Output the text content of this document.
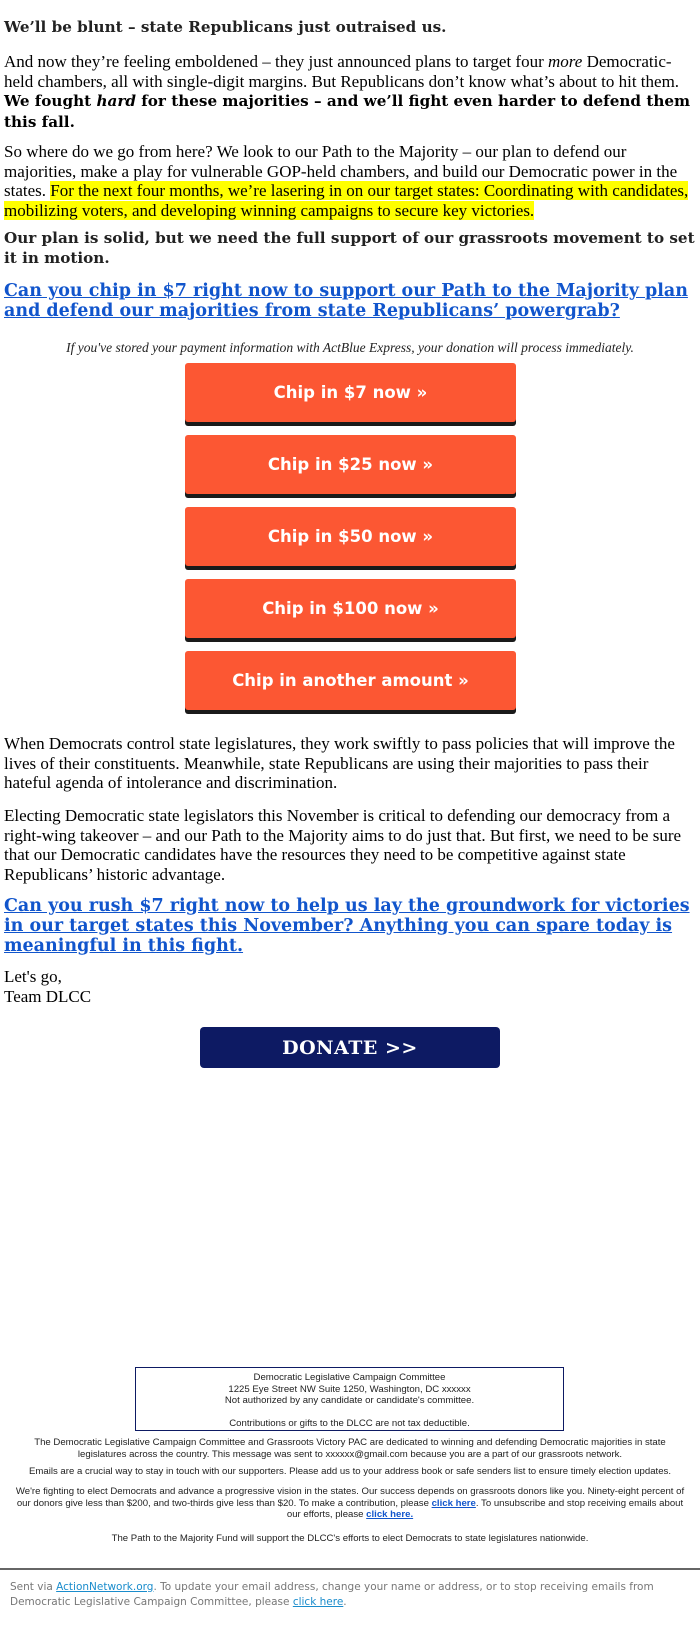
We’ll be blunt – state Republicans just outraised us.

And now they’re feeling emboldened – they just announced plans to target four more Democratic-held chambers, all with single-digit margins. But Republicans don’t know what’s about to hit them. We fought hard for these majorities – and we’ll fight even harder to defend them this fall.

So where do we go from here? We look to our Path to the Majority – our plan to defend our majorities, make a play for vulnerable GOP-held chambers, and build our Democratic power in the states. For the next four months, we’re lasering in on our target states: Coordinating with candidates, mobilizing voters, and developing winning campaigns to secure key victories.

Our plan is solid, but we need the full support of our grassroots movement to set it in motion.
Can you chip in $7 right now to support our Path to the Majority plan and defend our majorities from state Republicans’ powergrab?
If you've stored your payment information with ActBlue Express, your donation will process immediately.
Chip in $7 now »
Chip in $25 now »
Chip in $50 now »
Chip in $100 now »
Chip in another amount »

When Democrats control state legislatures, they work swiftly to pass policies that will improve the lives of their constituents. Meanwhile, state Republicans are using their majorities to pass their hateful agenda of intolerance and discrimination.

Electing Democratic state legislators this November is critical to defending our democracy from a right-wing takeover – and our Path to the Majority aims to do just that. But first, we need to be sure that our Democratic candidates have the resources they need to be competitive against state Republicans’ historic advantage.

Can you rush $7 right now to help us lay the groundwork for victories in our target states this November? Anything you can spare today is meaningful in this fight.

Let's go,

Team DLCC

DONATE >>
Democratic Legislative Campaign Committee
1225 Eye Street NW Suite 1250, Washington, DC xxxxxx
Not authorized by any candidate or candidate's committee.
Contributions or gifts to the DLCC are not tax deductible.
The Democratic Legislative Campaign Committee and Grassroots Victory PAC are dedicated to winning and defending Democratic majorities in state legislatures across the country. This message was sent to xxxxxx@gmail.com because you are a part of our grassroots network.
Emails are a crucial way to stay in touch with our supporters. Please add us to your address book or safe senders list to ensure timely election updates.
We're fighting to elect Democrats and advance a progressive vision in the states. Our success depends on grassroots donors like you. Ninety-eight percent of our donors give less than $200, and two-thirds give less than $20. To make a contribution, please click here. To unsubscribe and stop receiving emails about our efforts, please click here.
The Path to the Majority Fund will support the DLCC's efforts to elect Democrats to state legislatures nationwide.
Sent via ActionNetwork.org. To update your email address, change your name or address, or to stop receiving emails from Democratic Legislative Campaign Committee, please click here.
